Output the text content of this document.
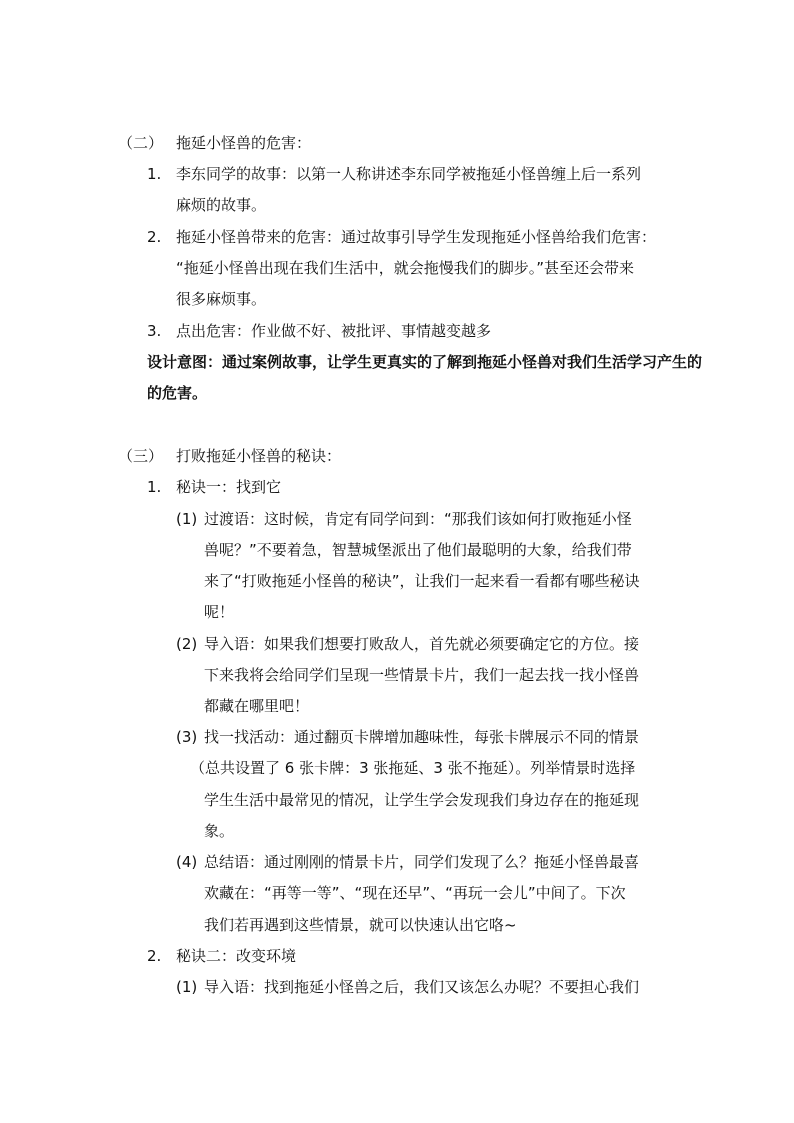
（二） 拖延小怪兽的危害：
1. 李东同学的故事：以第一人称讲述李东同学被拖延小怪兽缠上后一系列
麻烦的故事。
2. 拖延小怪兽带来的危害：通过故事引导学生发现拖延小怪兽给我们危害：
“拖延小怪兽出现在我们生活中，就会拖慢我们的脚步。”甚至还会带来
很多麻烦事。
3. 点出危害：作业做不好、被批评、事情越变越多
设计意图：通过案例故事，让学生更真实的了解到拖延小怪兽对我们生活学习产生的
的危害。
（三） 打败拖延小怪兽的秘诀：
1. 秘诀一：找到它
(1) 过渡语：这时候，肯定有同学问到：“那我们该如何打败拖延小怪
兽呢？”不要着急，智慧城堡派出了他们最聪明的大象，给我们带
来了“打败拖延小怪兽的秘诀”，让我们一起来看一看都有哪些秘诀
呢！
(2) 导入语：如果我们想要打败敌人，首先就必须要确定它的方位。接
下来我将会给同学们呈现一些情景卡片，我们一起去找一找小怪兽
都藏在哪里吧！
(3) 找一找活动：通过翻页卡牌增加趣味性，每张卡牌展示不同的情景
（总共设置了 6 张卡牌：3 张拖延、3 张不拖延）。列举情景时选择
学生生活中最常见的情况，让学生学会发现我们身边存在的拖延现
象。
(4) 总结语：通过刚刚的情景卡片，同学们发现了么？拖延小怪兽最喜
欢藏在：“再等一等”、“现在还早”、“再玩一会儿”中间了。下次
我们若再遇到这些情景，就可以快速认出它咯~
2. 秘诀二：改变环境
(1) 导入语：找到拖延小怪兽之后，我们又该怎么办呢？不要担心我们
